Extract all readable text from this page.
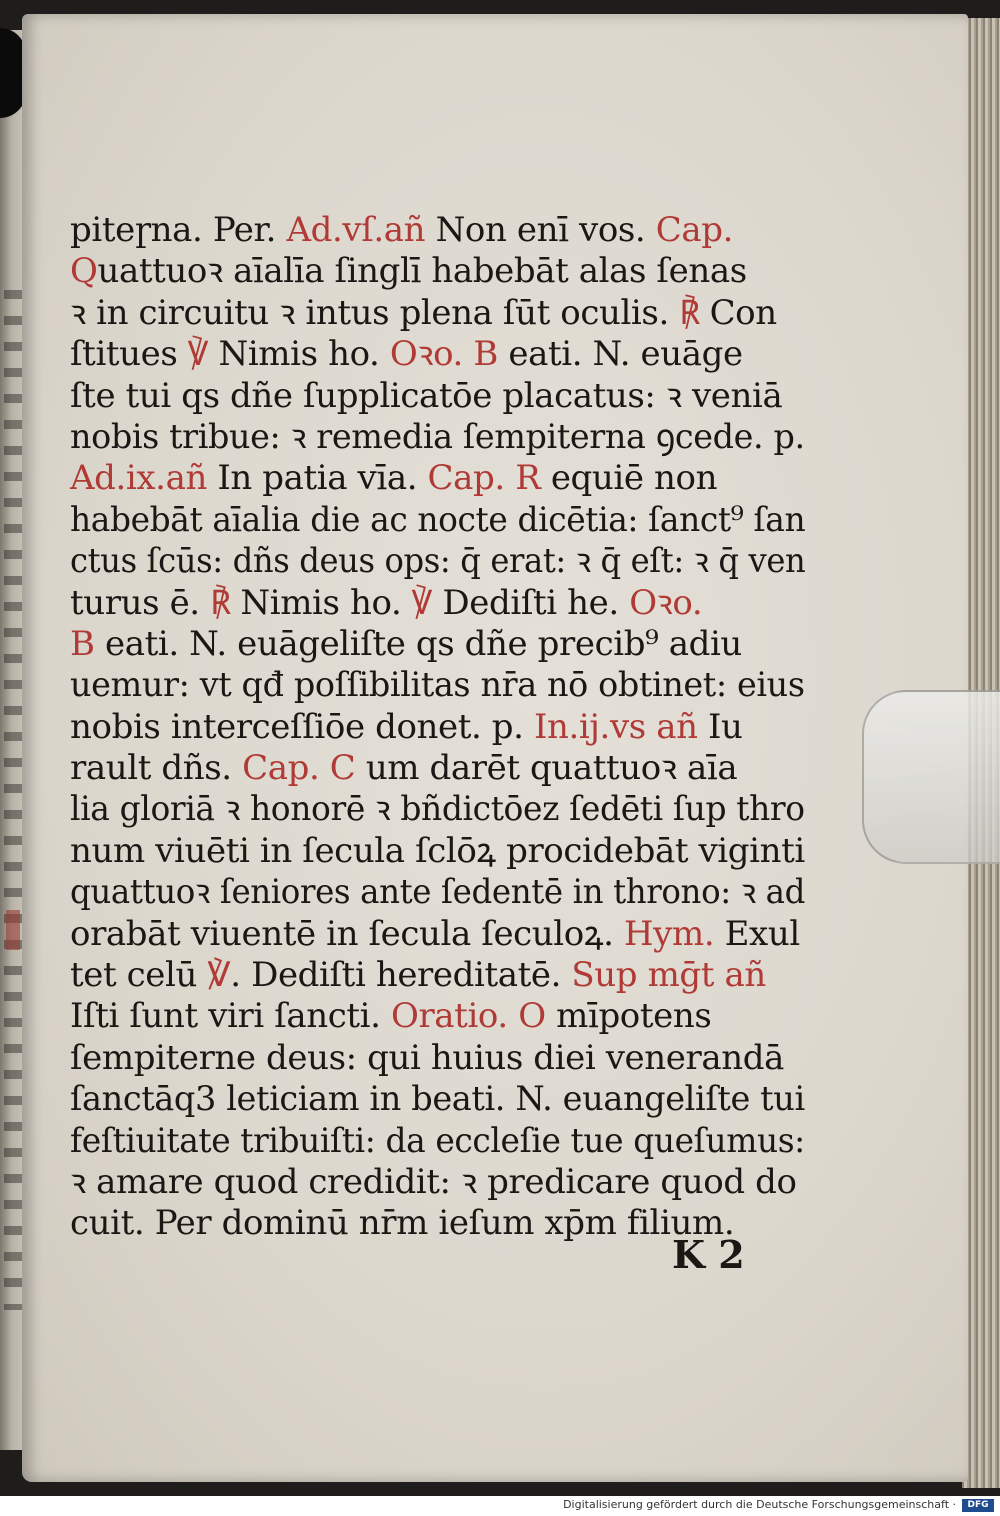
piteɼna. Per. Ad.vſ.añ Non enī vos. Cap.
Quattuoꝛ aīalīa ſinglī habebāt alas ſenas
ꝛ in circuitu ꝛ intus plena ſūt oculis. ℟ Con
ſtitues ℣ Nimis ho. Oꝛo. B eati. N. euāge
ſte tui qs dñe ſupplicatōe placatus: ꝛ veniā
nobis tribue: ꝛ remedia ſempiterna ꝯcede. p.
Ad.ix.añ In patia vīa. Cap. R equiē non
habebāt aīalia die ac nocte dicētia: ſanct⁹ ſan
ctus ſcūs: dñs deus ops: q̄ erat: ꝛ q̄ eſt: ꝛ q̄ ven
turus ē. ℟ Nimis ho. ℣ Dediſti he. Oꝛo.
B eati. N. euāgeliſte qs dñe precib⁹ adiu
uemur: vt qđ poſſibilitas nr̄a nō obtinet: eius
nobis interceſſiōe donet. p. In.ij.vs añ Iu
rault dñs. Cap. C um darēt quattuoꝛ aīa
lia gloriā ꝛ honorē ꝛ bñdictōez ſedēti ſup thro
num viuēti in ſecula ſclōꝝ procidebāt viginti
quattuoꝛ ſeniores ante ſedentē in throno: ꝛ ad
orabāt viuentē in ſecula ſeculoꝝ. Hym. Exul
tet celū ℣. Dediſti hereditatē. Sup mḡt añ
Iſti ſunt viri ſancti. Oratio. O mīpotens
ſempiterne deus: qui huius diei venerandā
ſanctāq3 leticiam in beati. N. euangeliſte tui
feſtiuitate tribuiſti: da eccleſie tue queſumus:
ꝛ amare quod credidit: ꝛ predicare quod do
cuit. Per dominū nr̄m ieſum xp̄m filium.
K 2
Digitalisierung gefördert durch die Deutsche Forschungsgemeinschaft ·	DFG
